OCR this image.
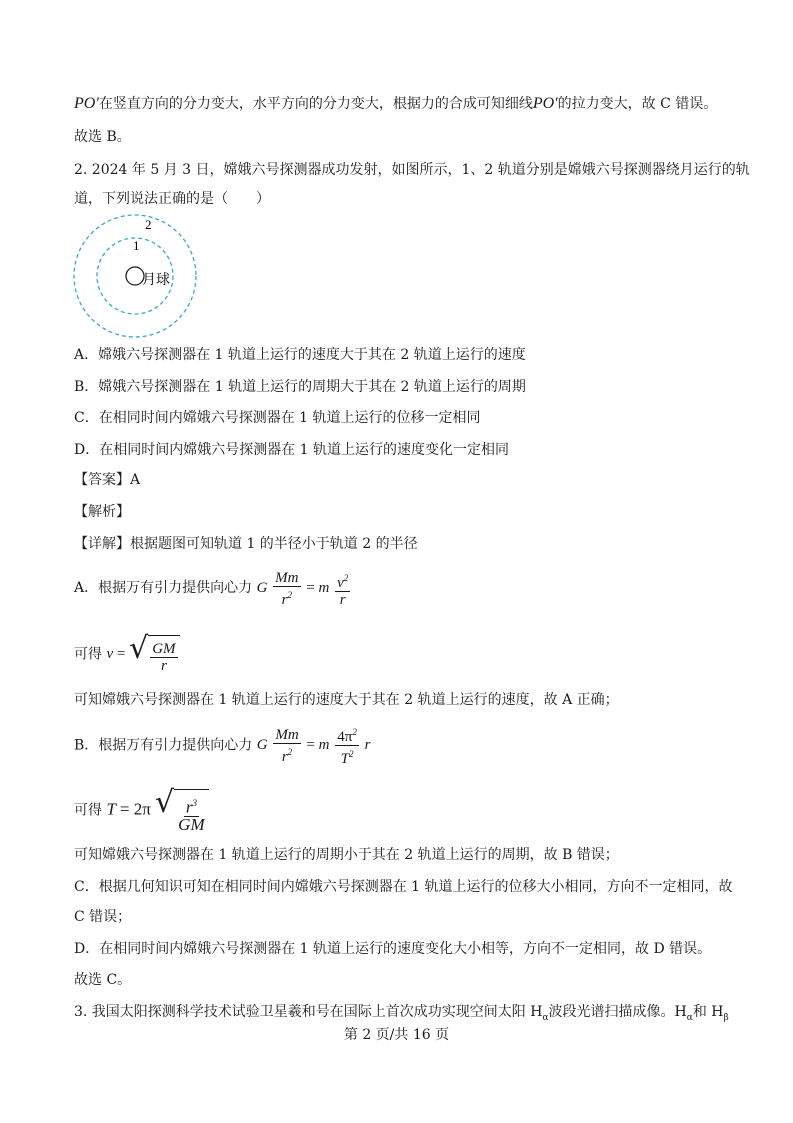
PO′在竖直方向的分力变大，水平方向的分力变大，根据力的合成可知细线PO′的拉力变大，故 C 错误。
故选 B。
2. 2024 年 5 月 3 日，嫦娥六号探测器成功发射，如图所示，1、2 轨道分别是嫦娥六号探测器绕月运行的轨
道，下列说法正确的是（　　）
2
1
月球
A．嫦娥六号探测器在 1 轨道上运行的速度大于其在 2 轨道上运行的速度
B．嫦娥六号探测器在 1 轨道上运行的周期大于其在 2 轨道上运行的周期
C．在相同时间内嫦娥六号探测器在 1 轨道上运行的位移一定相同
D．在相同时间内嫦娥六号探测器在 1 轨道上运行的速度变化一定相同
【答案】A
【解析】
【详解】根据题图可知轨道 1 的半径小于轨道 2 的半径
A．根据万有引力提供向心力 G $\frac{Mm}{r^2} = m \frac{v^2}{r}$
可得 v = √ $\frac{GM}{r}$
可知嫦娥六号探测器在 1 轨道上运行的速度大于其在 2 轨道上运行的速度，故 A 正确；
B．根据万有引力提供向心力 G $\frac{Mm}{r^2} = m \frac{4\pi^2}{T^2}$ r
可得 T = 2π √ $\frac{r^3}{GM}$
可知嫦娥六号探测器在 1 轨道上运行的周期小于其在 2 轨道上运行的周期，故 B 错误；
C．根据几何知识可知在相同时间内嫦娥六号探测器在 1 轨道上运行的位移大小相同，方向不一定相同，故
C 错误；
D．在相同时间内嫦娥六号探测器在 1 轨道上运行的速度变化大小相等，方向不一定相同，故 D 错误。
故选 C。
3. 我国太阳探测科学技术试验卫星羲和号在国际上首次成功实现空间太阳 $H_\alpha$波段光谱扫描成像。$H_\alpha$和 $H_\beta$
第 2 页/共 16 页
